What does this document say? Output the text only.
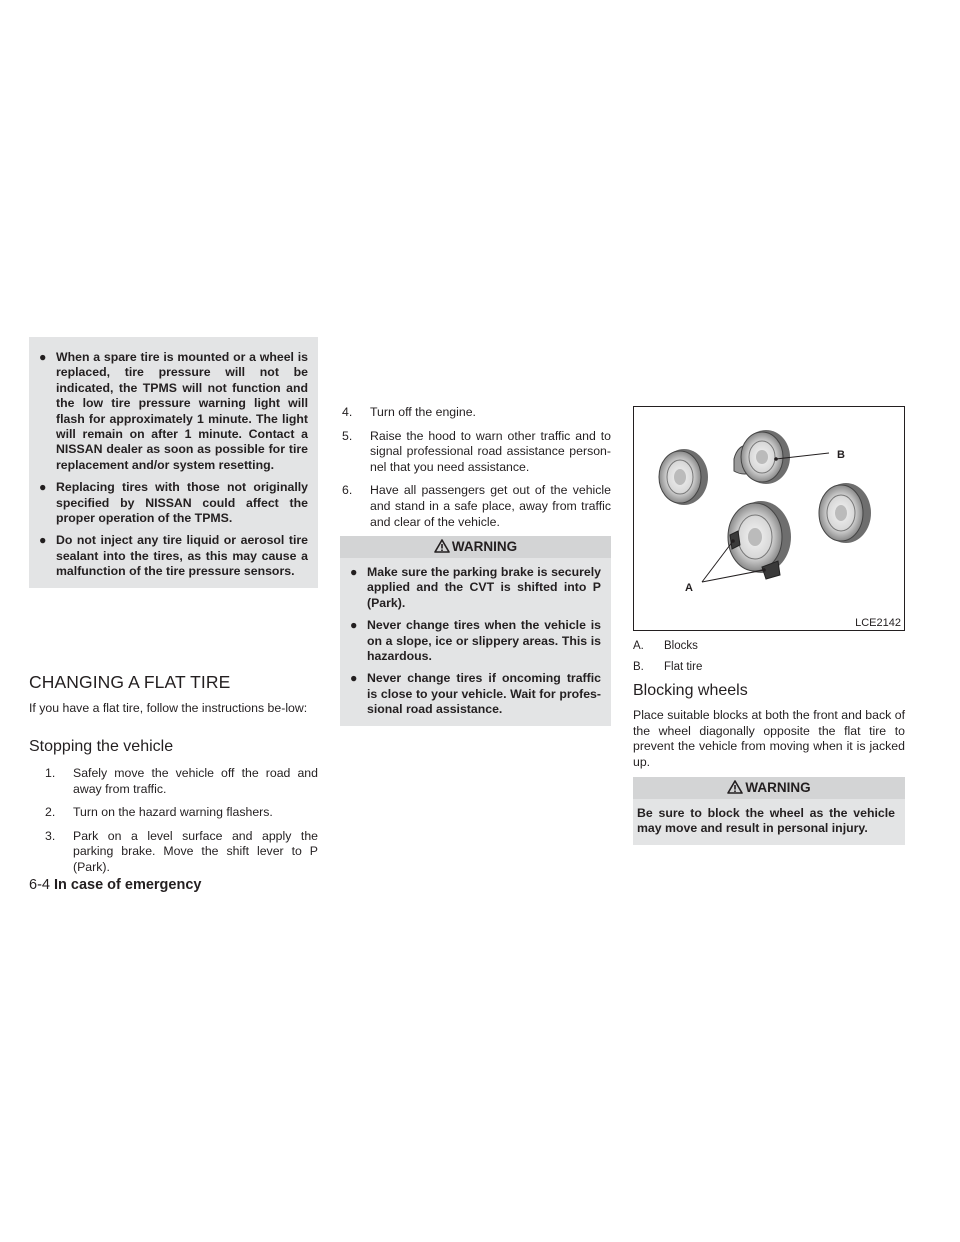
● When a spare tire is mounted or a wheel is replaced, tire pressure will not be indicated, the TPMS will not function and the low tire pressure warning light will flash for approximately 1 minute. The light will remain on after 1 minute. Contact a NISSAN dealer as soon as possible for tire replacement and/or system resetting.
● Replacing tires with those not originally specified by NISSAN could affect the proper operation of the TPMS.
● Do not inject any tire liquid or aerosol tire sealant into the tires, as this may cause a malfunction of the tire pressure sensors.
CHANGING A FLAT TIRE

If you have a flat tire, follow the instructions be-low:

Stopping the vehicle
1. Safely move the vehicle off the road and away from traffic.
2. Turn on the hazard warning flashers.
3. Park on a level surface and apply the parking brake. Move the shift lever to P (Park).
4. Turn off the engine.
5. Raise the hood to warn other traffic and to signal professional road assistance person-nel that you need assistance.
6. Have all passengers get out of the vehicle and stand in a safe place, away from traffic and clear of the vehicle.
WARNING
● Make sure the parking brake is securely applied and the CVT is shifted into P (Park).
● Never change tires when the vehicle is on a slope, ice or slippery areas. This is hazardous.
● Never change tires if oncoming traffic is close to your vehicle. Wait for profes-sional road assistance.
B
A
LCE2142
A. Blocks
B. Flat tire
Blocking wheels

Place suitable blocks at both the front and back of the wheel diagonally opposite the flat tire to prevent the vehicle from moving when it is jacked up.

WARNING
Be sure to block the wheel as the vehicle may move and result in personal injury.
6-4 In case of emergency
